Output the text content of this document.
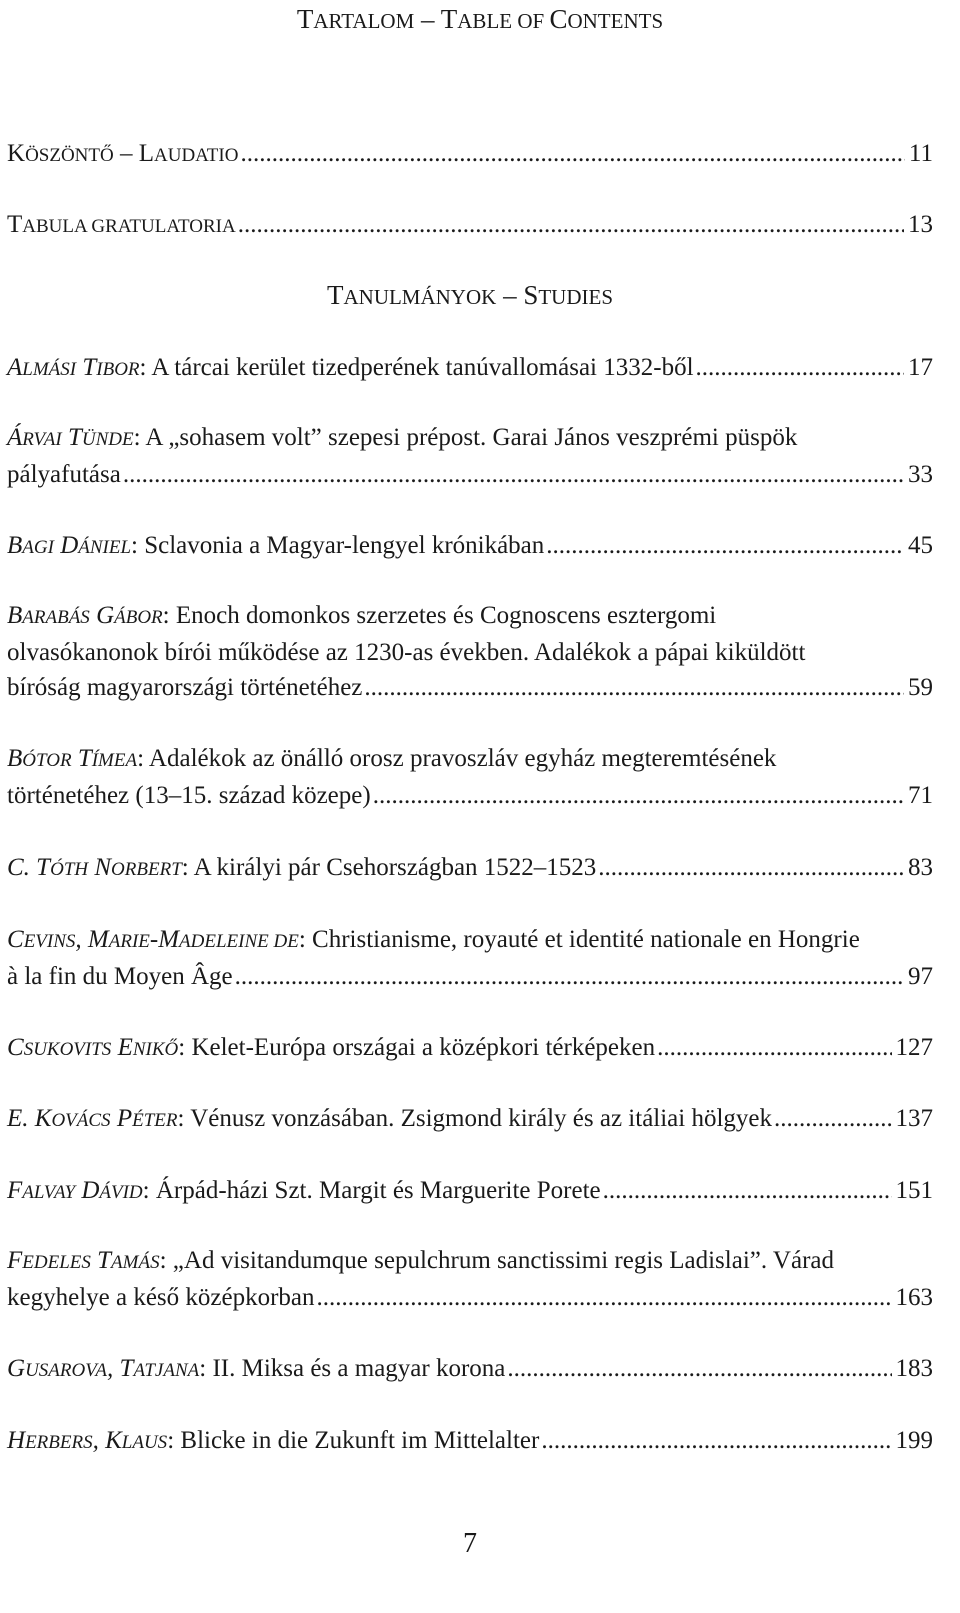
TARTALOM – TABLE OF CONTENTS
KÖSZÖNTŐ – LAUDATIO .....	11
TABULA GRATULATORIA .....	13
TANULMÁNYOK – STUDIES
ALMÁSI TIBOR: A tárcai kerület tizedperének tanúvallomásai 1332-ből .....	17
ÁRVAI TÜNDE: A „sohasem volt” szepesi prépost. Garai János veszprémi püspök
pályafutása .....	33
BAGI DÁNIEL: Sclavonia a Magyar-lengyel krónikában .....	45
BARABÁS GÁBOR: Enoch domonkos szerzetes és Cognoscens esztergomi
olvasókanonok bírói működése az 1230-as években. Adalékok a pápai kiküldött
bíróság magyarországi történetéhez .....	59
BÓTOR TÍMEA: Adalékok az önálló orosz pravoszláv egyház megteremtésének
történetéhez (13–15. század közepe) .....	71
C. TÓTH NORBERT: A királyi pár Csehországban 1522–1523 .....	83
CEVINS, MARIE-MADELEINE DE: Christianisme, royauté et identité nationale en Hongrie
à la fin du Moyen Âge .....	97
CSUKOVITS ENIKŐ: Kelet-Európa országai a középkori térképeken .....	127
E. KOVÁCS PÉTER: Vénusz vonzásában. Zsigmond király és az itáliai hölgyek .....	137
FALVAY DÁVID: Árpád-házi Szt. Margit és Marguerite Porete .....	151
FEDELES TAMÁS: „Ad visitandumque sepulchrum sanctissimi regis Ladislai”. Várad
kegyhelye a késő középkorban .....	163
GUSAROVA, TATJANA: II. Miksa és a magyar korona .....	183
HERBERS, KLAUS: Blicke in die Zukunft im Mittelalter .....	199
7
